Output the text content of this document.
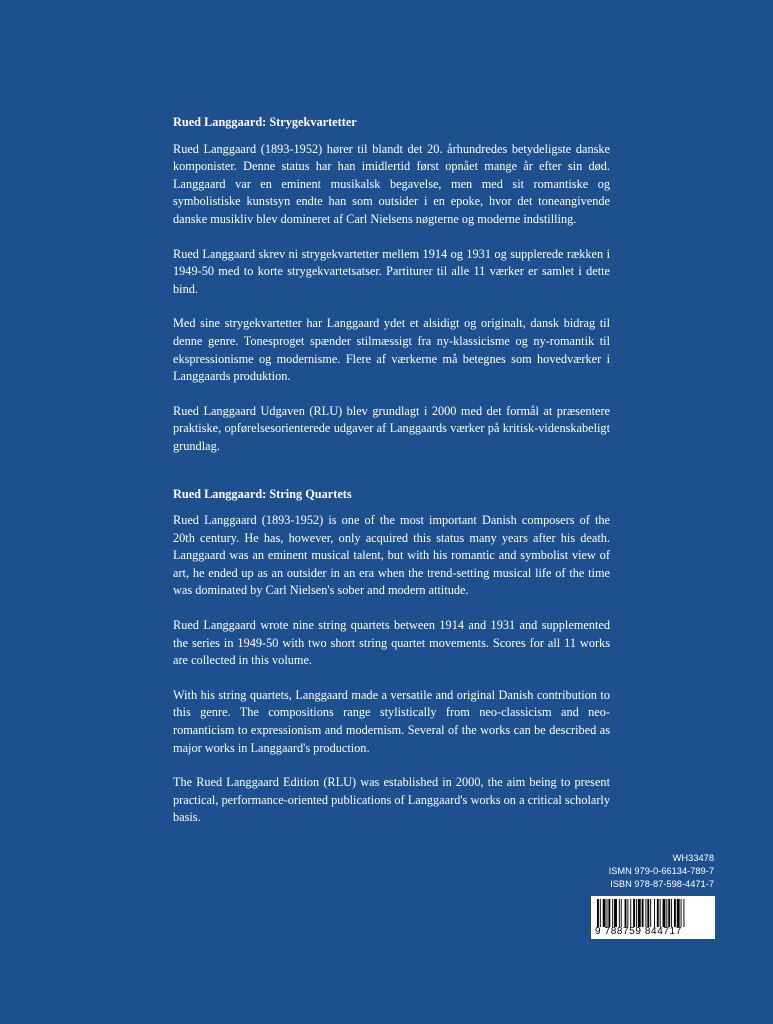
Rued Langgaard: Strygekvartetter

Rued Langgaard (1893-1952) hører til blandt det 20. århundredes betydeligste danske komponister. Denne status har han imidlertid først opnået mange år efter sin død. Langgaard var en eminent musikalsk begavelse, men med sit romantiske og symbolistiske kunstsyn endte han som outsider i en epoke, hvor det toneangivende danske musikliv blev domineret af Carl Nielsens nøgterne og moderne indstilling.

Rued Langgaard skrev ni strygekvartetter mellem 1914 og 1931 og supplerede rækken i 1949-50 med to korte strygekvartetsatser. Partiturer til alle 11 værker er samlet i dette bind.

Med sine strygekvartetter har Langgaard ydet et alsidigt og originalt, dansk bidrag til denne genre. Tonesproget spænder stilmæssigt fra ny-klassicisme og ny-romantik til ekspressionisme og modernisme. Flere af værkerne må betegnes som hovedværker i Langgaards produktion.

Rued Langgaard Udgaven (RLU) blev grundlagt i 2000 med det formål at præsentere praktiske, opførelsesorienterede udgaver af Langgaards værker på kritisk-videnskabeligt grundlag.

Rued Langgaard: String Quartets

Rued Langgaard (1893-1952) is one of the most important Danish composers of the 20th century. He has, however, only acquired this status many years after his death. Langgaard was an eminent musical talent, but with his romantic and symbolist view of art, he ended up as an outsider in an era when the trend-setting musical life of the time was dominated by Carl Nielsen's sober and modern attitude.

Rued Langgaard wrote nine string quartets between 1914 and 1931 and supplemented the series in 1949-50 with two short string quartet movements. Scores for all 11 works are collected in this volume.

With his string quartets, Langgaard made a versatile and original Danish contribution to this genre. The compositions range stylistically from neo-classicism and neo-romanticism to expressionism and modernism. Several of the works can be described as major works in Langgaard's production.

The Rued Langgaard Edition (RLU) was established in 2000, the aim being to present practical, performance-oriented publications of Langgaard's works on a critical scholarly basis.

WH33478
ISMN 979-0-66134-789-7
ISBN 978-87-598-4471-7
9 788759 844717
